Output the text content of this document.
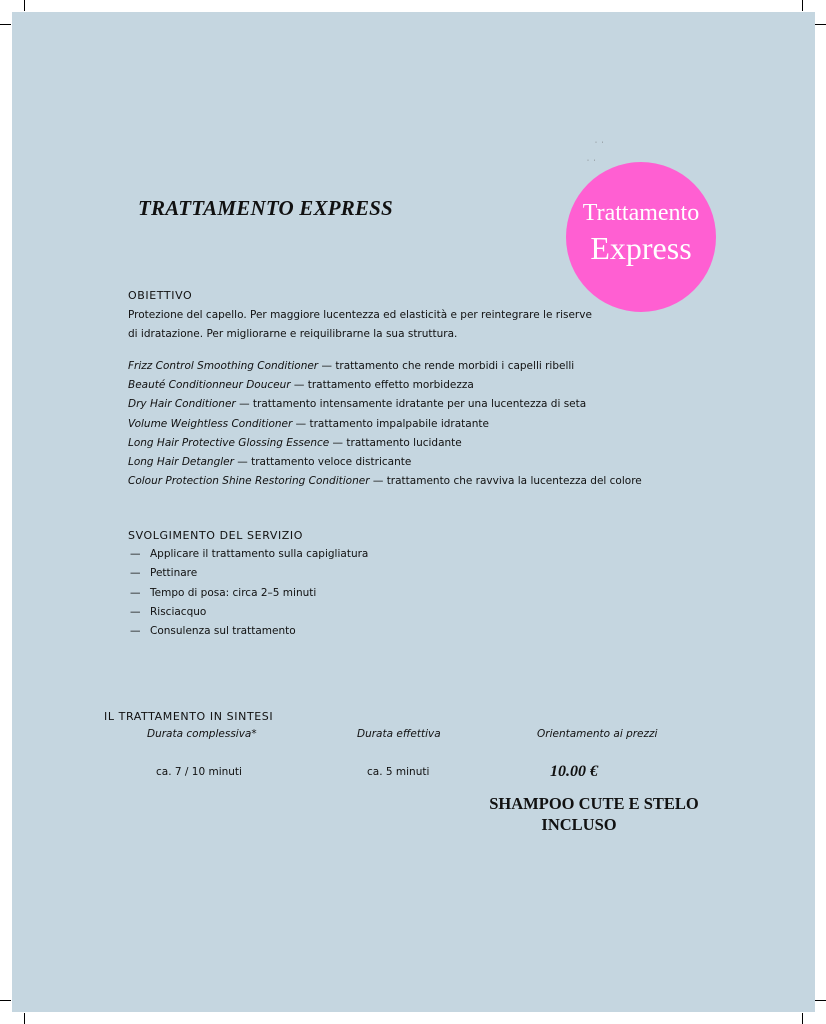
TRATTAMENTO EXPRESS
˙ ˙
˙ ˙
Trattamento
Express
OBIETTIVO
Protezione del capello. Per maggiore lucentezza ed elasticità e per reintegrare le riserve
di idratazione. Per migliorarne e reiquilibrarne la sua struttura.
Frizz Control Smoothing Conditioner — trattamento che rende morbidi i capelli ribelli
Beauté Conditionneur Douceur — trattamento effetto morbidezza
Dry Hair Conditioner — trattamento intensamente idratante per una lucentezza di seta
Volume Weightless Conditioner — trattamento impalpabile idratante
Long Hair Protective Glossing Essence — trattamento lucidante
Long Hair Detangler — trattamento veloce districante
Colour Protection Shine Restoring Conditioner — trattamento che ravviva la lucentezza del colore
SVOLGIMENTO DEL SERVIZIO
— Applicare il trattamento sulla capigliatura
— Pettinare
— Tempo di posa: circa 2–5 minuti
— Risciacquo
— Consulenza sul trattamento
IL TRATTAMENTO IN SINTESI
Durata complessiva*	Durata effettiva	Orientamento ai prezzi
ca. 7 / 10 minuti	ca. 5 minuti	10.00 €
SHAMPOO CUTE E STELO
INCLUSO
